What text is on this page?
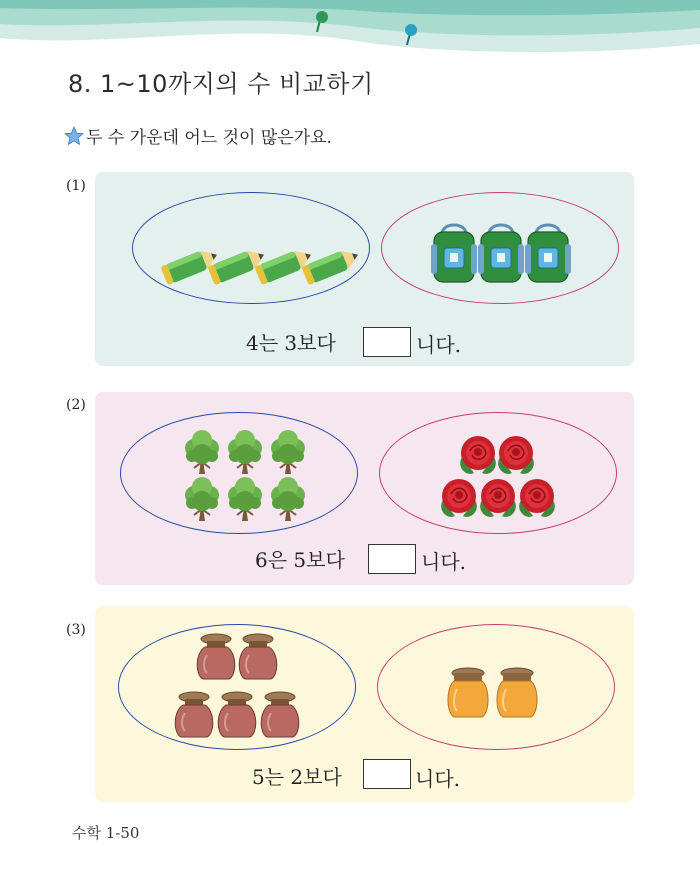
8. 1~10까지의 수 비교하기
두 수 가운데 어느 것이 많은가요.
(1)
4는 3보다	니다.
(2)
6은 5보다	니다.
(3)
5는 2보다	니다.
수학 1-50
